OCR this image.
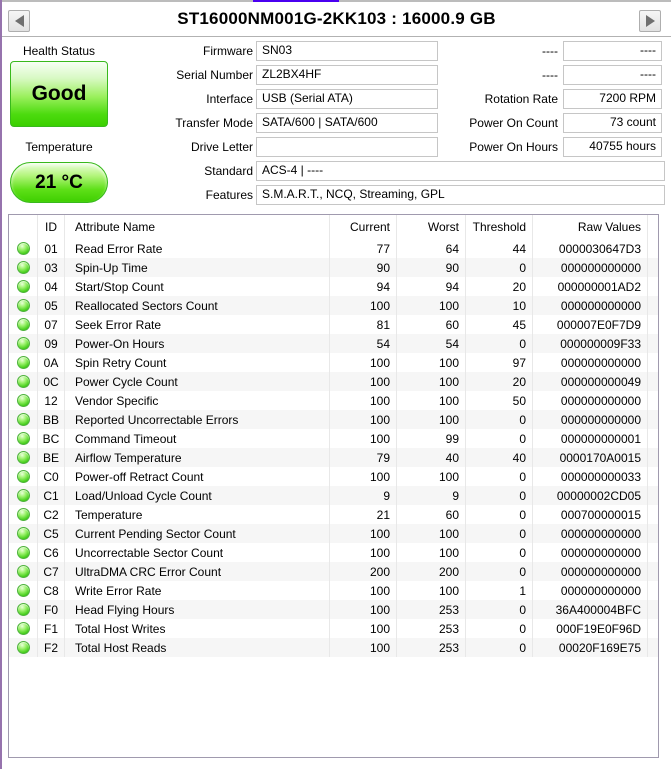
ST16000NM001G-2KK103 : 16000.9 GB
Health Status
Good
Temperature
21 °C
Firmware SN03
Serial Number ZL2BX4HF
Interface USB (Serial ATA)
Transfer Mode SATA/600 | SATA/600
Drive Letter
Standard ACS-4 | ----
Features S.M.A.R.T., NCQ, Streaming, GPL
----	----
----	----
Rotation Rate	7200 RPM
Power On Count	73 count
Power On Hours	40755 hours
ID	Attribute Name	Current	Worst	Threshold	Raw Values
01	Read Error Rate	77	64	44	0000030647D3
03	Spin-Up Time	90	90	0	000000000000
04	Start/Stop Count	94	94	20	000000001AD2
05	Reallocated Sectors Count	100	100	10	000000000000
07	Seek Error Rate	81	60	45	000007E0F7D9
09	Power-On Hours	54	54	0	000000009F33
0A	Spin Retry Count	100	100	97	000000000000
0C	Power Cycle Count	100	100	20	000000000049
12	Vendor Specific	100	100	50	000000000000
BB	Reported Uncorrectable Errors	100	100	0	000000000000
BC	Command Timeout	100	99	0	000000000001
BE	Airflow Temperature	79	40	40	0000170A0015
C0	Power-off Retract Count	100	100	0	000000000033
C1	Load/Unload Cycle Count	9	9	0	00000002CD05
C2	Temperature	21	60	0	000700000015
C5	Current Pending Sector Count	100	100	0	000000000000
C6	Uncorrectable Sector Count	100	100	0	000000000000
C7	UltraDMA CRC Error Count	200	200	0	000000000000
C8	Write Error Rate	100	100	1	000000000000
F0	Head Flying Hours	100	253	0	36A400004BFC
F1	Total Host Writes	100	253	0	000F19E0F96D
F2	Total Host Reads	100	253	0	00020F169E75
